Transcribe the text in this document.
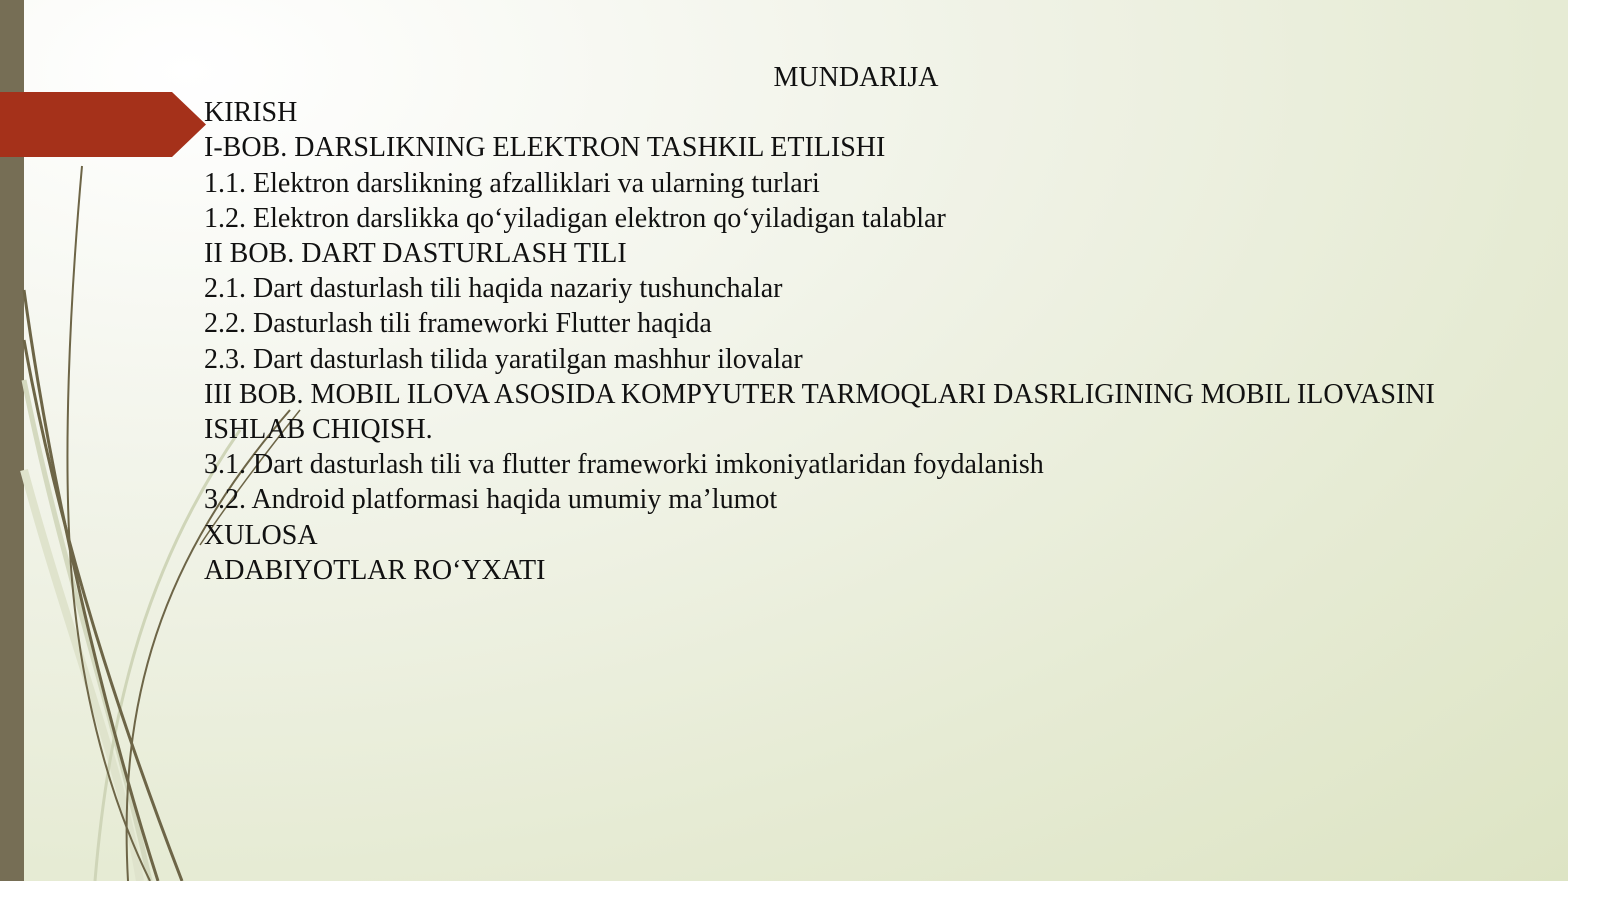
MUNDARIJA
KIRISH
I-BOB. DARSLIKNING ELEKTRON TASHKIL ETILISHI
1.1. Elektron darslikning afzalliklari va ularning turlari
1.2. Elektron darslikka qo‘yiladigan elektron qo‘yiladigan talablar
II BOB. DART DASTURLASH TILI
2.1. Dart dasturlash tili haqida nazariy tushunchalar
2.2. Dasturlash tili frameworki Flutter haqida
2.3. Dart dasturlash tilida yaratilgan mashhur ilovalar
III BOB. MOBIL ILOVA ASOSIDA KOMPYUTER TARMOQLARI DASRLIGINING MOBIL ILOVASINI
ISHLAB CHIQISH.
3.1. Dart dasturlash tili va flutter frameworki imkoniyatlaridan foydalanish
3.2. Android platformasi haqida umumiy ma’lumot
XULOSA
ADABIYOTLAR RO‘YXATI
